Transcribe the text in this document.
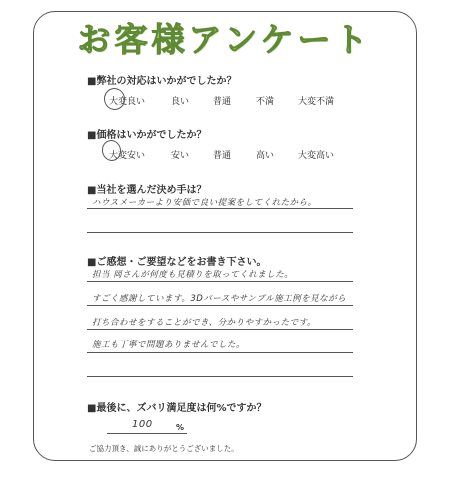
お客様アンケート
■弊社の対応はいかがでしたか？
大変良い	良い	普通	不満	大変不満
■価格はいかがでしたか？
大変安い	安い	普通	高い	大変高い
■当社を選んだ決め手は？
ハウスメーカーより安価で良い提案をしてくれたから。
■ご感想・ご要望などをお書き下さい。
担当 岡さんが何度も見積りを取ってくれました。
すごく感謝しています。3Dパースやサンプル施工例を見ながら
打ち合わせをすることができ、分かりやすかったです。
施工も丁寧で問題ありませんでした。
■最後に、ズバリ満足度は何%ですか？
100	%
ご協力頂き、誠にありがとうございました。
